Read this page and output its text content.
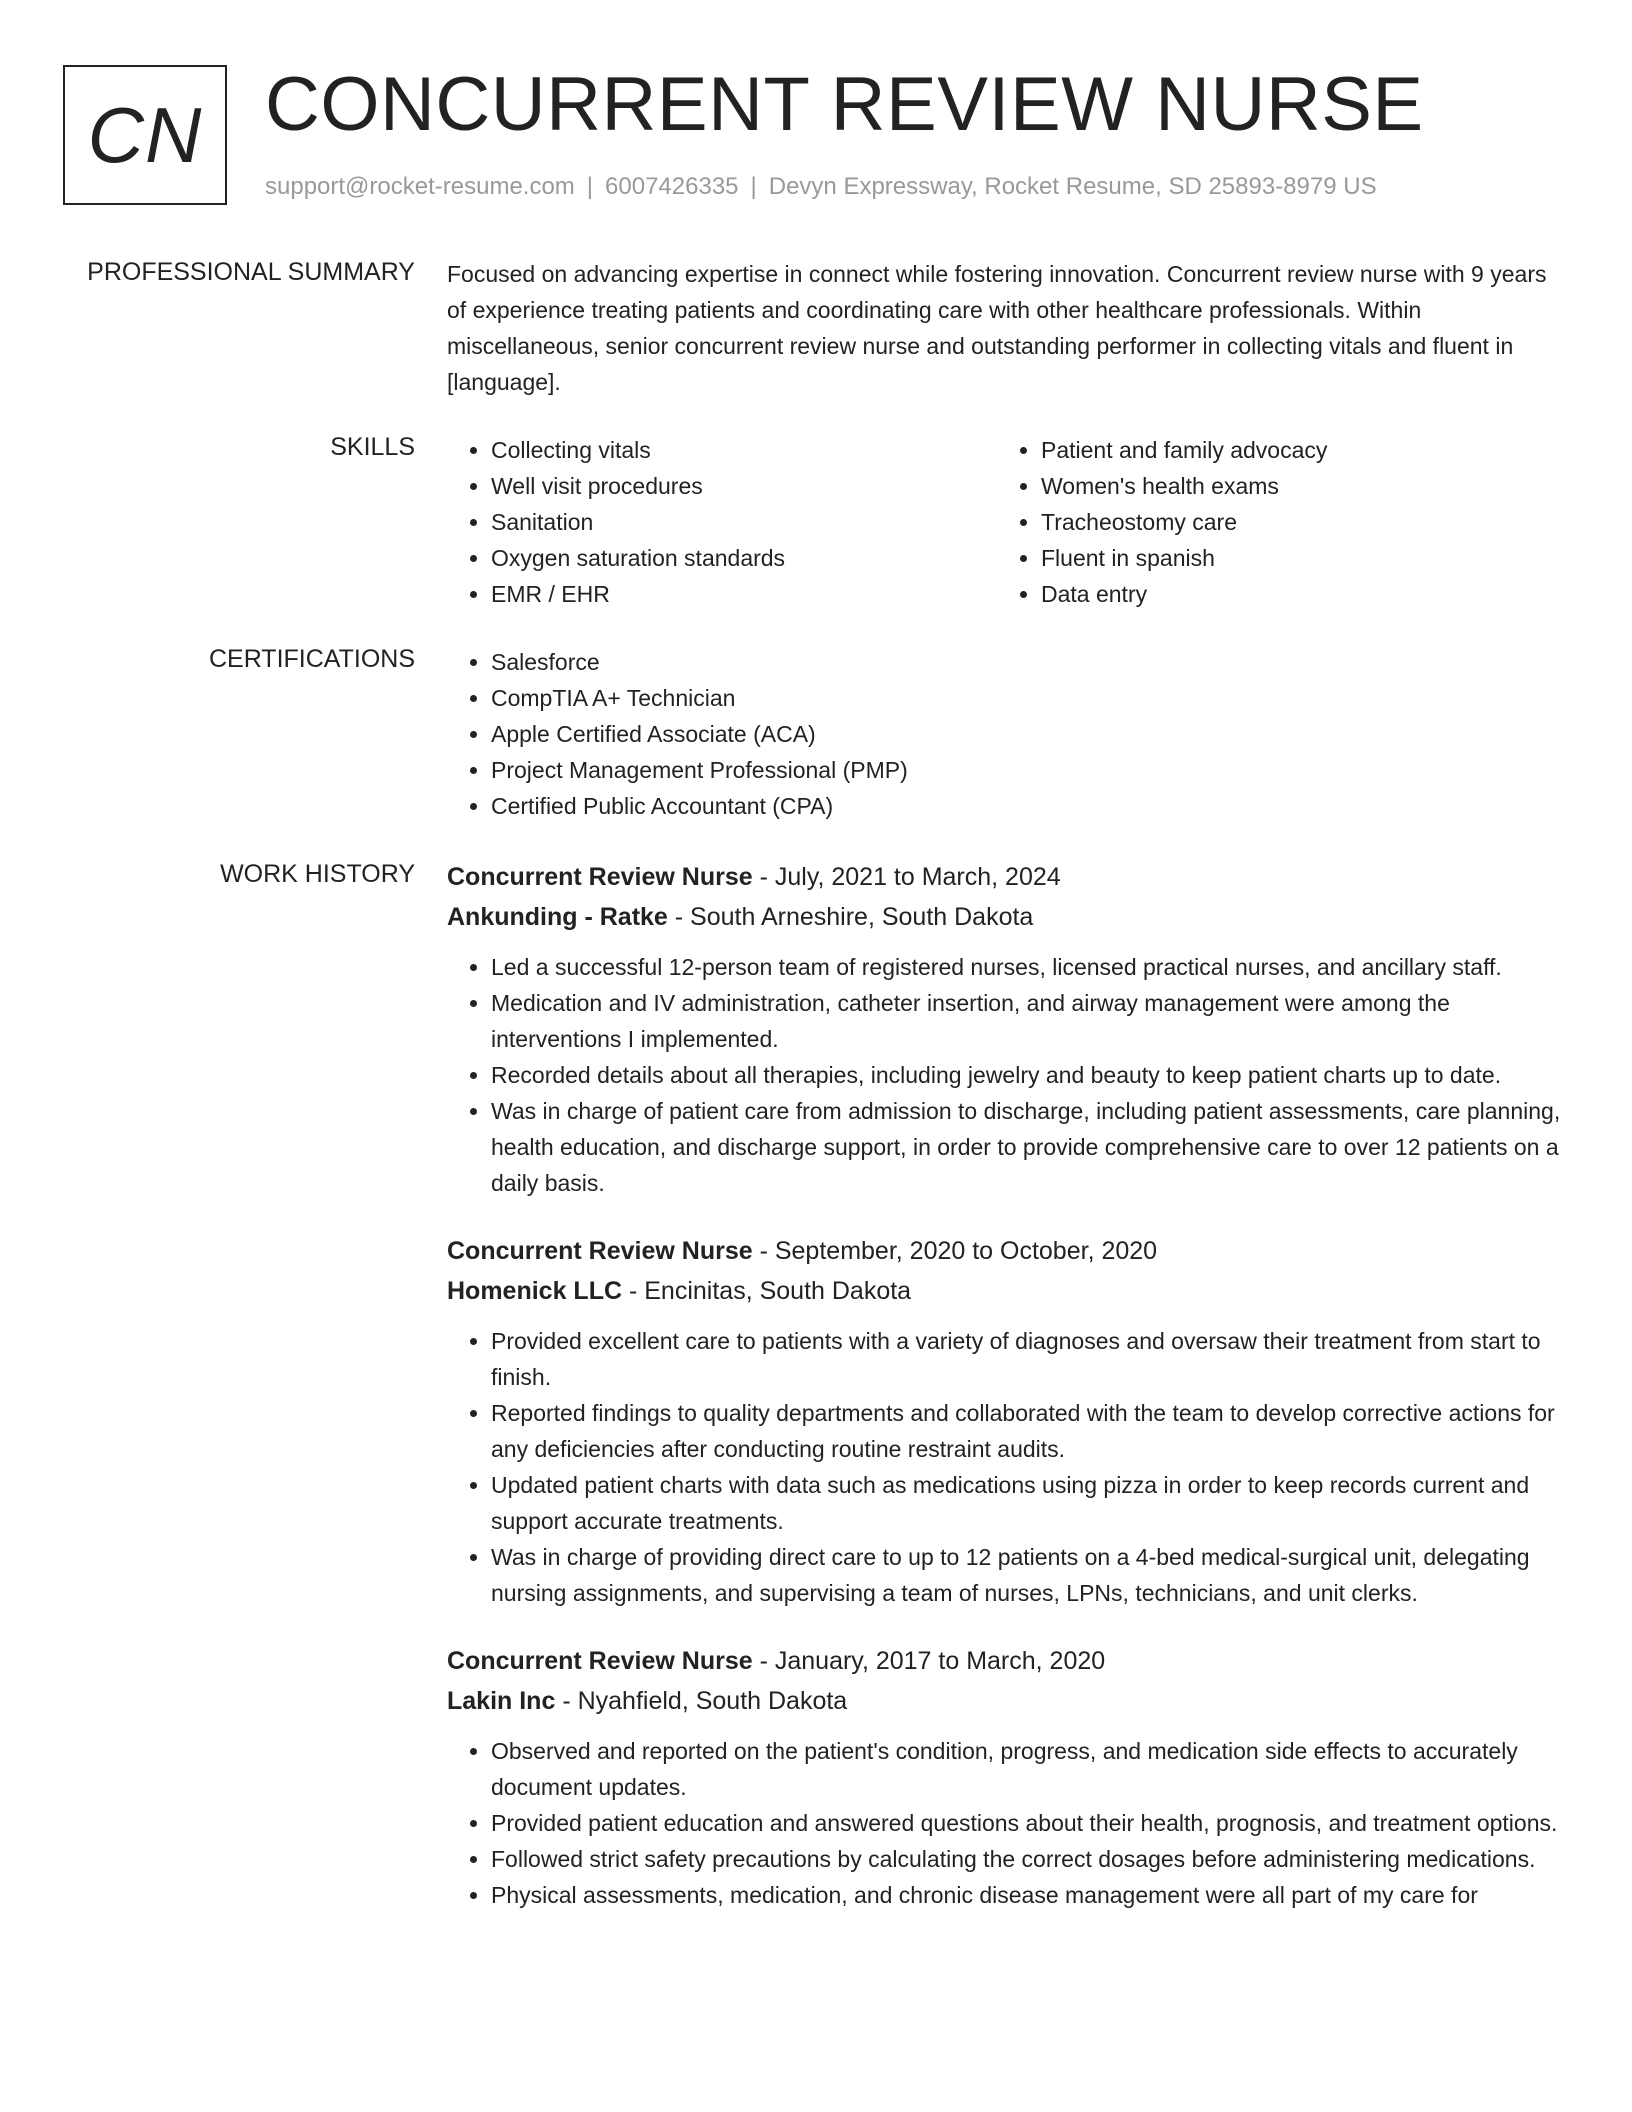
CN CONCURRENT REVIEW NURSE
support@rocket-resume.com | 6007426335 | Devyn Expressway, Rocket Resume, SD 25893-8979 US
PROFESSIONAL SUMMARY Focused on advancing expertise in connect while fostering innovation. Concurrent review nurse with 9 years of experience treating patients and coordinating care with other healthcare professionals. Within miscellaneous, senior concurrent review nurse and outstanding performer in collecting vitals and fluent in [language].

SKILLS	• Collecting vitals
• Well visit procedures
• Sanitation
• Oxygen saturation standards
• EMR / EHR
• Patient and family advocacy
• Women's health exams
• Tracheostomy care
• Fluent in spanish
• Data entry
CERTIFICATIONS	• Salesforce
• CompTIA A+ Technician
• Apple Certified Associate (ACA)
• Project Management Professional (PMP)
• Certified Public Accountant (CPA)
WORK HISTORY Concurrent Review Nurse - July, 2021 to March, 2024
Ankunding - Ratke - South Arneshire, South Dakota
• Led a successful 12-person team of registered nurses, licensed practical nurses, and ancillary staff.
• Medication and IV administration, catheter insertion, and airway management were among the interventions I implemented.
• Recorded details about all therapies, including jewelry and beauty to keep patient charts up to date.
• Was in charge of patient care from admission to discharge, including patient assessments, care planning, health education, and discharge support, in order to provide comprehensive care to over 12 patients on a daily basis.
Concurrent Review Nurse - September, 2020 to October, 2020
Homenick LLC - Encinitas, South Dakota
• Provided excellent care to patients with a variety of diagnoses and oversaw their treatment from start to finish.
• Reported findings to quality departments and collaborated with the team to develop corrective actions for any deficiencies after conducting routine restraint audits.
• Updated patient charts with data such as medications using pizza in order to keep records current and support accurate treatments.
• Was in charge of providing direct care to up to 12 patients on a 4-bed medical-surgical unit, delegating nursing assignments, and supervising a team of nurses, LPNs, technicians, and unit clerks.
Concurrent Review Nurse - January, 2017 to March, 2020
Lakin Inc - Nyahfield, South Dakota
• Observed and reported on the patient's condition, progress, and medication side effects to accurately document updates.
• Provided patient education and answered questions about their health, prognosis, and treatment options.
• Followed strict safety precautions by calculating the correct dosages before administering medications.
• Physical assessments, medication, and chronic disease management were all part of my care for
